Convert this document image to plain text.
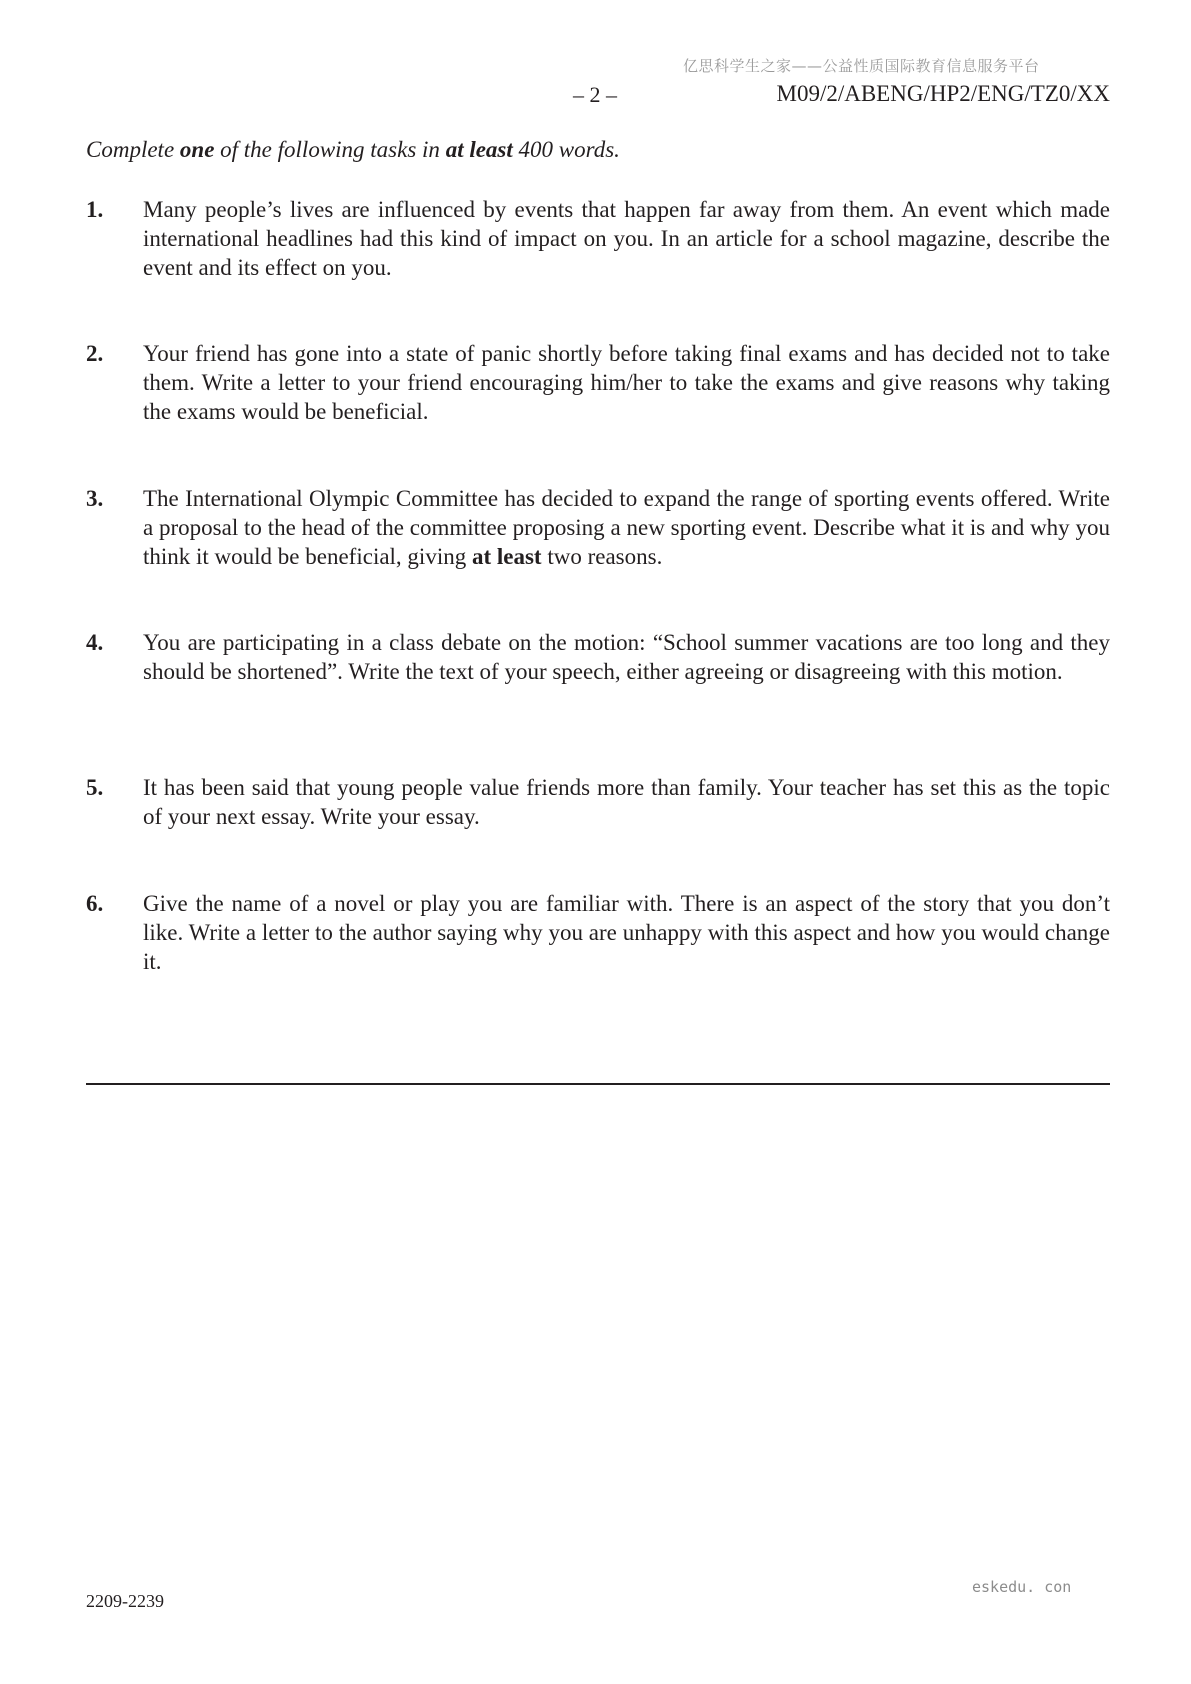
亿思科学生之家——公益性质国际教育信息服务平台
– 2 –	M09/2/ABENG/HP2/ENG/TZ0/XX
Complete one of the following tasks in at least 400 words.
1. Many people’s lives are influenced by events that happen far away from them. An event which made international headlines had this kind of impact on you. In an article for a school magazine, describe the event and its effect on you.
2. Your friend has gone into a state of panic shortly before taking final exams and has decided not to take them. Write a letter to your friend encouraging him/her to take the exams and give reasons why taking the exams would be beneficial.
3. The International Olympic Committee has decided to expand the range of sporting events offered. Write a proposal to the head of the committee proposing a new sporting event. Describe what it is and why you think it would be beneficial, giving at least two reasons.
4. You are participating in a class debate on the motion: “School summer vacations are too long and they should be shortened”. Write the text of your speech, either agreeing or disagreeing with this motion.
5. It has been said that young people value friends more than family. Your teacher has set this as the topic of your next essay. Write your essay.
6. Give the name of a novel or play you are familiar with. There is an aspect of the story that you don’t like. Write a letter to the author saying why you are unhappy with this aspect and how you would change it.
2209-2239
eskedu. con
